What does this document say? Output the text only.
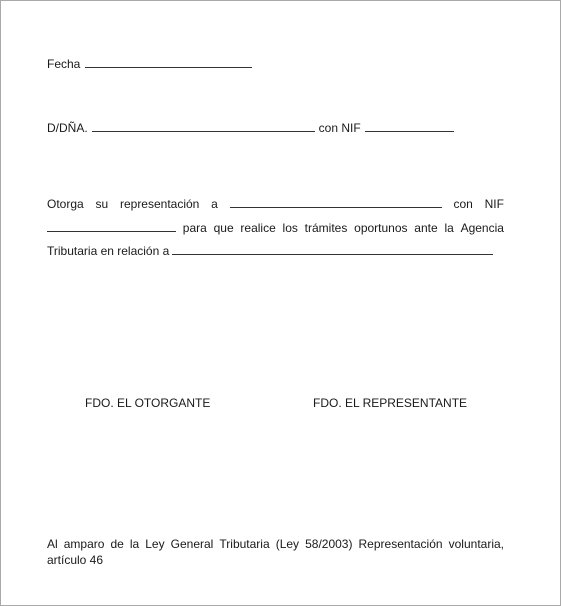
Fecha
D/DÑA.	con NIF
Otorga su representación a	con NIF
para que realice los trámites oportunos ante la Agencia
Tributaria en relación a
FDO. EL OTORGANTE	FDO. EL REPRESENTANTE
Al amparo de la Ley General Tributaria (Ley 58/2003) Representación voluntaria,
artículo 46
